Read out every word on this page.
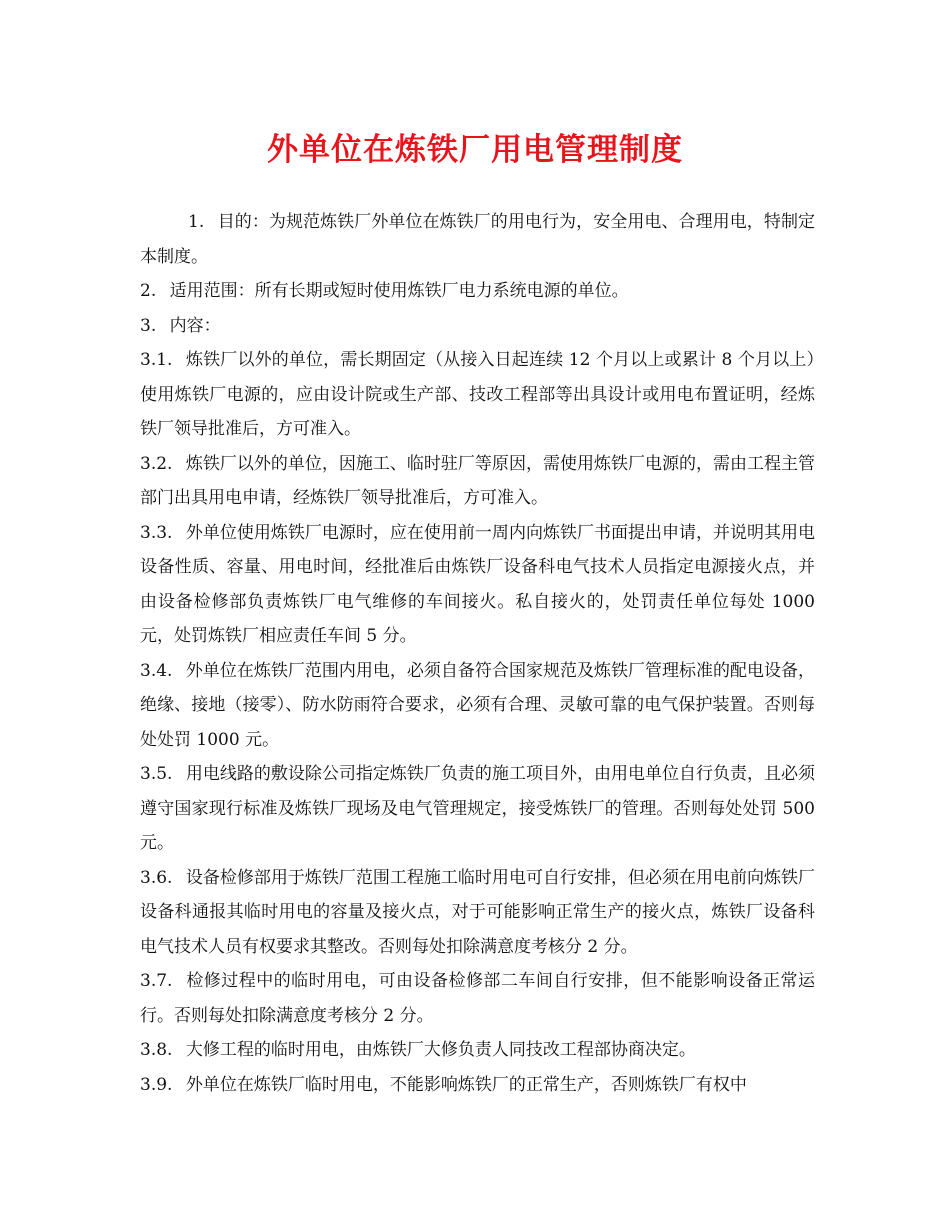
外单位在炼铁厂用电管理制度

1. 目的：为规范炼铁厂外单位在炼铁厂的用电行为，安全用电、合理用电，特制定本制度。

2. 适用范围：所有长期或短时使用炼铁厂电力系统电源的单位。

3. 内容：

3.1. 炼铁厂以外的单位，需长期固定（从接入日起连续 12 个月以上或累计 8 个月以上）使用炼铁厂电源的，应由设计院或生产部、技改工程部等出具设计或用电布置证明，经炼铁厂领导批准后，方可准入。

3.2. 炼铁厂以外的单位，因施工、临时驻厂等原因，需使用炼铁厂电源的，需由工程主管部门出具用电申请，经炼铁厂领导批准后，方可准入。

3.3. 外单位使用炼铁厂电源时，应在使用前一周内向炼铁厂书面提出申请，并说明其用电设备性质、容量、用电时间，经批准后由炼铁厂设备科电气技术人员指定电源接火点，并由设备检修部负责炼铁厂电气维修的车间接火。私自接火的，处罚责任单位每处 1000 元，处罚炼铁厂相应责任车间 5 分。

3.4. 外单位在炼铁厂范围内用电，必须自备符合国家规范及炼铁厂管理标准的配电设备，绝缘、接地（接零）、防水防雨符合要求，必须有合理、灵敏可靠的电气保护装置。否则每处处罚 1000 元。

3.5. 用电线路的敷设除公司指定炼铁厂负责的施工项目外，由用电单位自行负责，且必须遵守国家现行标准及炼铁厂现场及电气管理规定，接受炼铁厂的管理。否则每处处罚 500 元。

3.6. 设备检修部用于炼铁厂范围工程施工临时用电可自行安排，但必须在用电前向炼铁厂设备科通报其临时用电的容量及接火点，对于可能影响正常生产的接火点，炼铁厂设备科电气技术人员有权要求其整改。否则每处扣除满意度考核分 2 分。

3.7. 检修过程中的临时用电，可由设备检修部二车间自行安排，但不能影响设备正常运行。否则每处扣除满意度考核分 2 分。

3.8. 大修工程的临时用电，由炼铁厂大修负责人同技改工程部协商决定。

3.9. 外单位在炼铁厂临时用电，不能影响炼铁厂的正常生产，否则炼铁厂有权中
